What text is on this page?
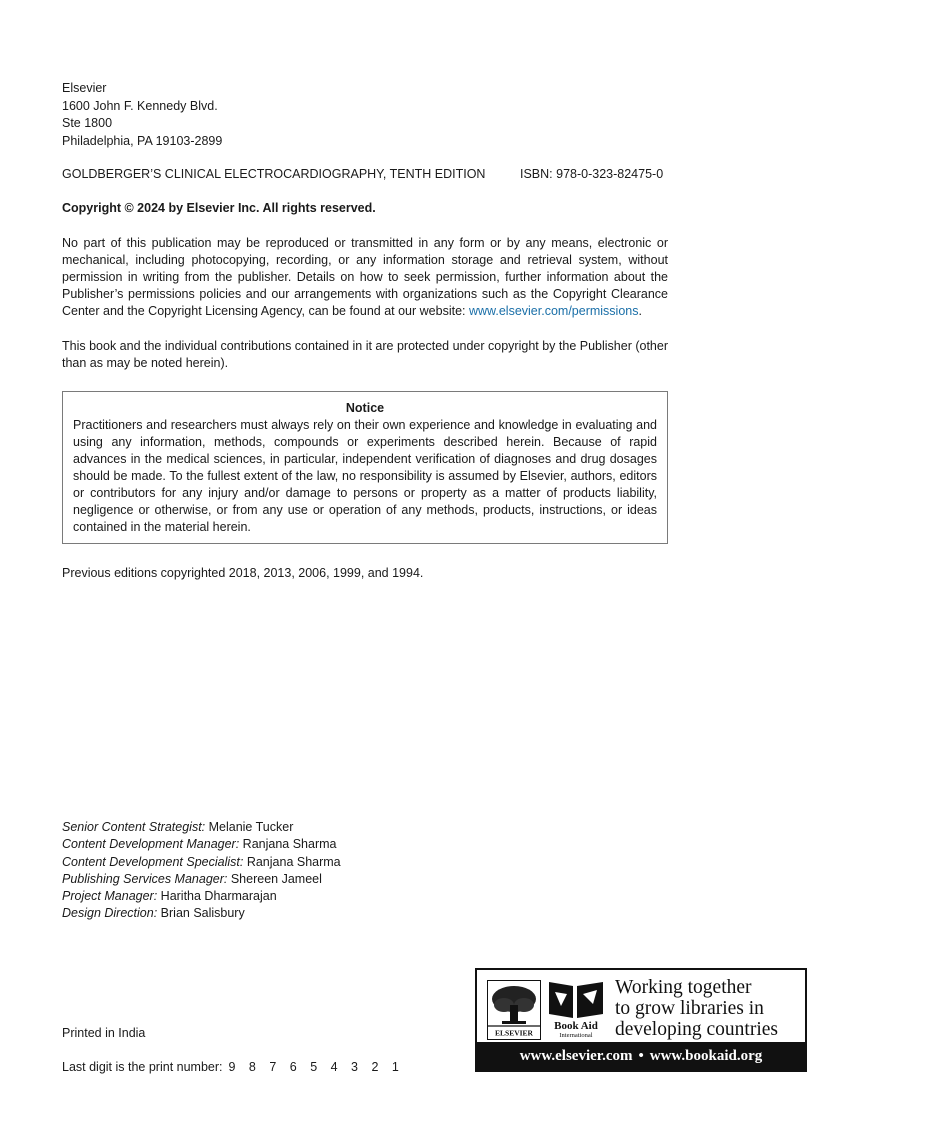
Elsevier
1600 John F. Kennedy Blvd.
Ste 1800
Philadelphia, PA 19103-2899
GOLDBERGER’S CLINICAL ELECTROCARDIOGRAPHY, TENTH EDITION	ISBN: 978-0-323-82475-0

Copyright © 2024 by Elsevier Inc. All rights reserved.

No part of this publication may be reproduced or transmitted in any form or by any means, electronic or mechanical, including photocopying, recording, or any information storage and retrieval system, without permission in writing from the publisher. Details on how to seek permission, further information about the Publisher’s permissions policies and our arrangements with organizations such as the Copyright Clearance Center and the Copyright Licensing Agency, can be found at our website: www.elsevier.com/permissions.

This book and the individual contributions contained in it are protected under copyright by the Publisher (other than as may be noted herein).

Notice
Practitioners and researchers must always rely on their own experience and knowledge in evaluating and using any information, methods, compounds or experiments described herein. Because of rapid advances in the medical sciences, in particular, independent verification of diagnoses and drug dosages should be made. To the fullest extent of the law, no responsibility is assumed by Elsevier, authors, editors or contributors for any injury and/or damage to persons or property as a matter of products liability, negligence or otherwise, or from any use or operation of any methods, products, instructions, or ideas contained in the material herein.

Previous editions copyrighted 2018, 2013, 2006, 1999, and 1994.

Senior Content Strategist: Melanie Tucker
Content Development Manager: Ranjana Sharma
Content Development Specialist: Ranjana Sharma
Publishing Services Manager: Shereen Jameel
Project Manager: Haritha Dharmarajan
Design Direction: Brian Salisbury

Printed in India

Last digit is the print number: 9 8 7 6 5 4 3 2 1

ELSEVIER
Book Aid
International
Working together
to grow libraries in
developing countries
www.elsevier.com • www.bookaid.org
